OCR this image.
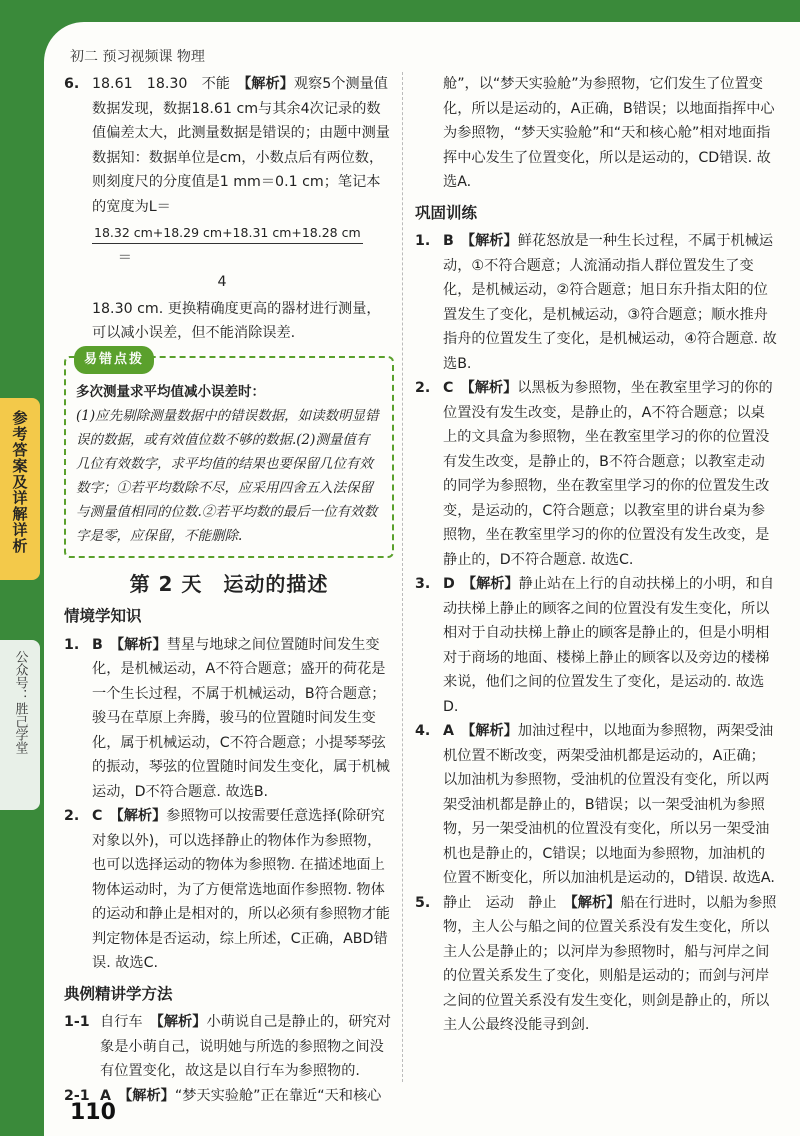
参考答案及详解详析
公众号：胜己学堂
初二 预习视频课 物理
6. 18.61　18.30　不能　【解析】观察5个测量值数据发现，数据18.61 cm与其余4次记录的数值偏差太大，此测量数据是错误的；由题中测量数据知：数据单位是cm，小数点后有两位数，则刻度尺的分度值是1 mm＝0.1 cm；笔记本的宽度为L＝
18.32 cm+18.29 cm+18.31 cm+18.28 cm＝
4
18.30 cm. 更换精确度更高的器材进行测量，可以减小误差，但不能消除误差.
易错点拨
多次测量求平均值减小误差时：
(1)应先剔除测量数据中的错误数据，如读数明显错误的数据，或有效值位数不够的数据.(2)测量值有几位有效数字，求平均值的结果也要保留几位有效数字；①若平均数除不尽，应采用四舍五入法保留与测量值相同的位数.②若平均数的最后一位有效数字是零，应保留，不能删除.
第 2 天　运动的描述
情境学知识
1. B　 【解析】彗星与地球之间位置随时间发生变化，是机械运动，A不符合题意；盛开的荷花是一个生长过程，不属于机械运动，B符合题意；骏马在草原上奔腾，骏马的位置随时间发生变化，属于机械运动，C不符合题意；小提琴琴弦的振动，琴弦的位置随时间发生变化，属于机械运动，D不符合题意. 故选B.
2. C　 【解析】参照物可以按需要任意选择(除研究对象以外)，可以选择静止的物体作为参照物，也可以选择运动的物体为参照物. 在描述地面上物体运动时，为了方便常选地面作参照物. 物体的运动和静止是相对的，所以必须有参照物才能判定物体是否运动，综上所述，C正确，ABD错误. 故选C.
典例精讲学方法
1-1 自行车　 【解析】小萌说自己是静止的，研究对象是小萌自己，说明她与所选的参照物之间没有位置变化，故这是以自行车为参照物的.
2-1 A　 【解析】“梦天实验舱”正在靠近“天和核心
舱”，以“梦天实验舱”为参照物，它们发生了位置变化，所以是运动的，A正确，B错误；以地面指挥中心为参照物，“梦天实验舱”和“天和核心舱”相对地面指挥中心发生了位置变化，所以是运动的，CD错误. 故选A.
巩固训练
1. B　 【解析】鲜花怒放是一种生长过程，不属于机械运动，①不符合题意；人流涌动指人群位置发生了变化，是机械运动，②符合题意；旭日东升指太阳的位置发生了变化，是机械运动，③符合题意；顺水推舟指舟的位置发生了变化，是机械运动，④符合题意. 故选B.
2. C　 【解析】以黑板为参照物，坐在教室里学习的你的位置没有发生改变，是静止的，A不符合题意；以桌上的文具盒为参照物，坐在教室里学习的你的位置没有发生改变，是静止的，B不符合题意；以教室走动的同学为参照物，坐在教室里学习的你的位置发生改变，是运动的，C符合题意；以教室里的讲台桌为参照物，坐在教室里学习的你的位置没有发生改变，是静止的，D不符合题意. 故选C.
3. D　 【解析】静止站在上行的自动扶梯上的小明，和自动扶梯上静止的顾客之间的位置没有发生变化，所以相对于自动扶梯上静止的顾客是静止的，但是小明相对于商场的地面、楼梯上静止的顾客以及旁边的楼梯来说，他们之间的位置发生了变化，是运动的. 故选D.
4. A　 【解析】加油过程中，以地面为参照物，两架受油机位置不断改变，两架受油机都是运动的，A正确；以加油机为参照物，受油机的位置没有变化，所以两架受油机都是静止的，B错误；以一架受油机为参照物，另一架受油机的位置没有变化，所以另一架受油机也是静止的，C错误；以地面为参照物，加油机的位置不断变化，所以加油机是运动的，D错误. 故选A.
5. 静止　运动　静止　 【解析】船在行进时，以船为参照物，主人公与船之间的位置关系没有发生变化，所以主人公是静止的；以河岸为参照物时，船与河岸之间的位置关系发生了变化，则船是运动的；而剑与河岸之间的位置关系没有发生变化，则剑是静止的，所以主人公最终没能寻到剑.
110
